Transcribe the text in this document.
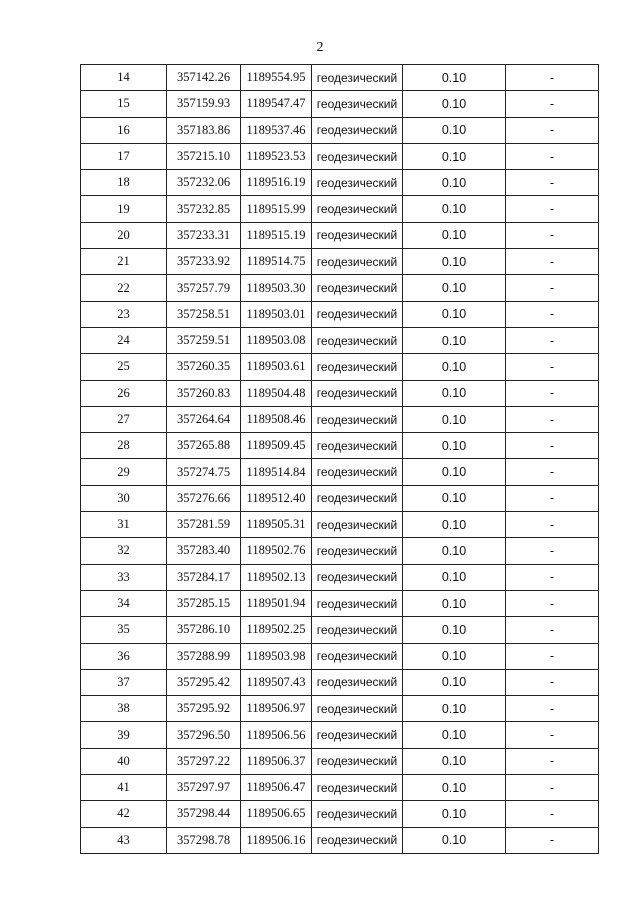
2
14	357142.26	1189554.95	геодезический	0.10	-
15	357159.93	1189547.47	геодезический	0.10	-
16	357183.86	1189537.46	геодезический	0.10	-
17	357215.10	1189523.53	геодезический	0.10	-
18	357232.06	1189516.19	геодезический	0.10	-
19	357232.85	1189515.99	геодезический	0.10	-
20	357233.31	1189515.19	геодезический	0.10	-
21	357233.92	1189514.75	геодезический	0.10	-
22	357257.79	1189503.30	геодезический	0.10	-
23	357258.51	1189503.01	геодезический	0.10	-
24	357259.51	1189503.08	геодезический	0.10	-
25	357260.35	1189503.61	геодезический	0.10	-
26	357260.83	1189504.48	геодезический	0.10	-
27	357264.64	1189508.46	геодезический	0.10	-
28	357265.88	1189509.45	геодезический	0.10	-
29	357274.75	1189514.84	геодезический	0.10	-
30	357276.66	1189512.40	геодезический	0.10	-
31	357281.59	1189505.31	геодезический	0.10	-
32	357283.40	1189502.76	геодезический	0.10	-
33	357284.17	1189502.13	геодезический	0.10	-
34	357285.15	1189501.94	геодезический	0.10	-
35	357286.10	1189502.25	геодезический	0.10	-
36	357288.99	1189503.98	геодезический	0.10	-
37	357295.42	1189507.43	геодезический	0.10	-
38	357295.92	1189506.97	геодезический	0.10	-
39	357296.50	1189506.56	геодезический	0.10	-
40	357297.22	1189506.37	геодезический	0.10	-
41	357297.97	1189506.47	геодезический	0.10	-
42	357298.44	1189506.65	геодезический	0.10	-
43	357298.78	1189506.16	геодезический	0.10	-
